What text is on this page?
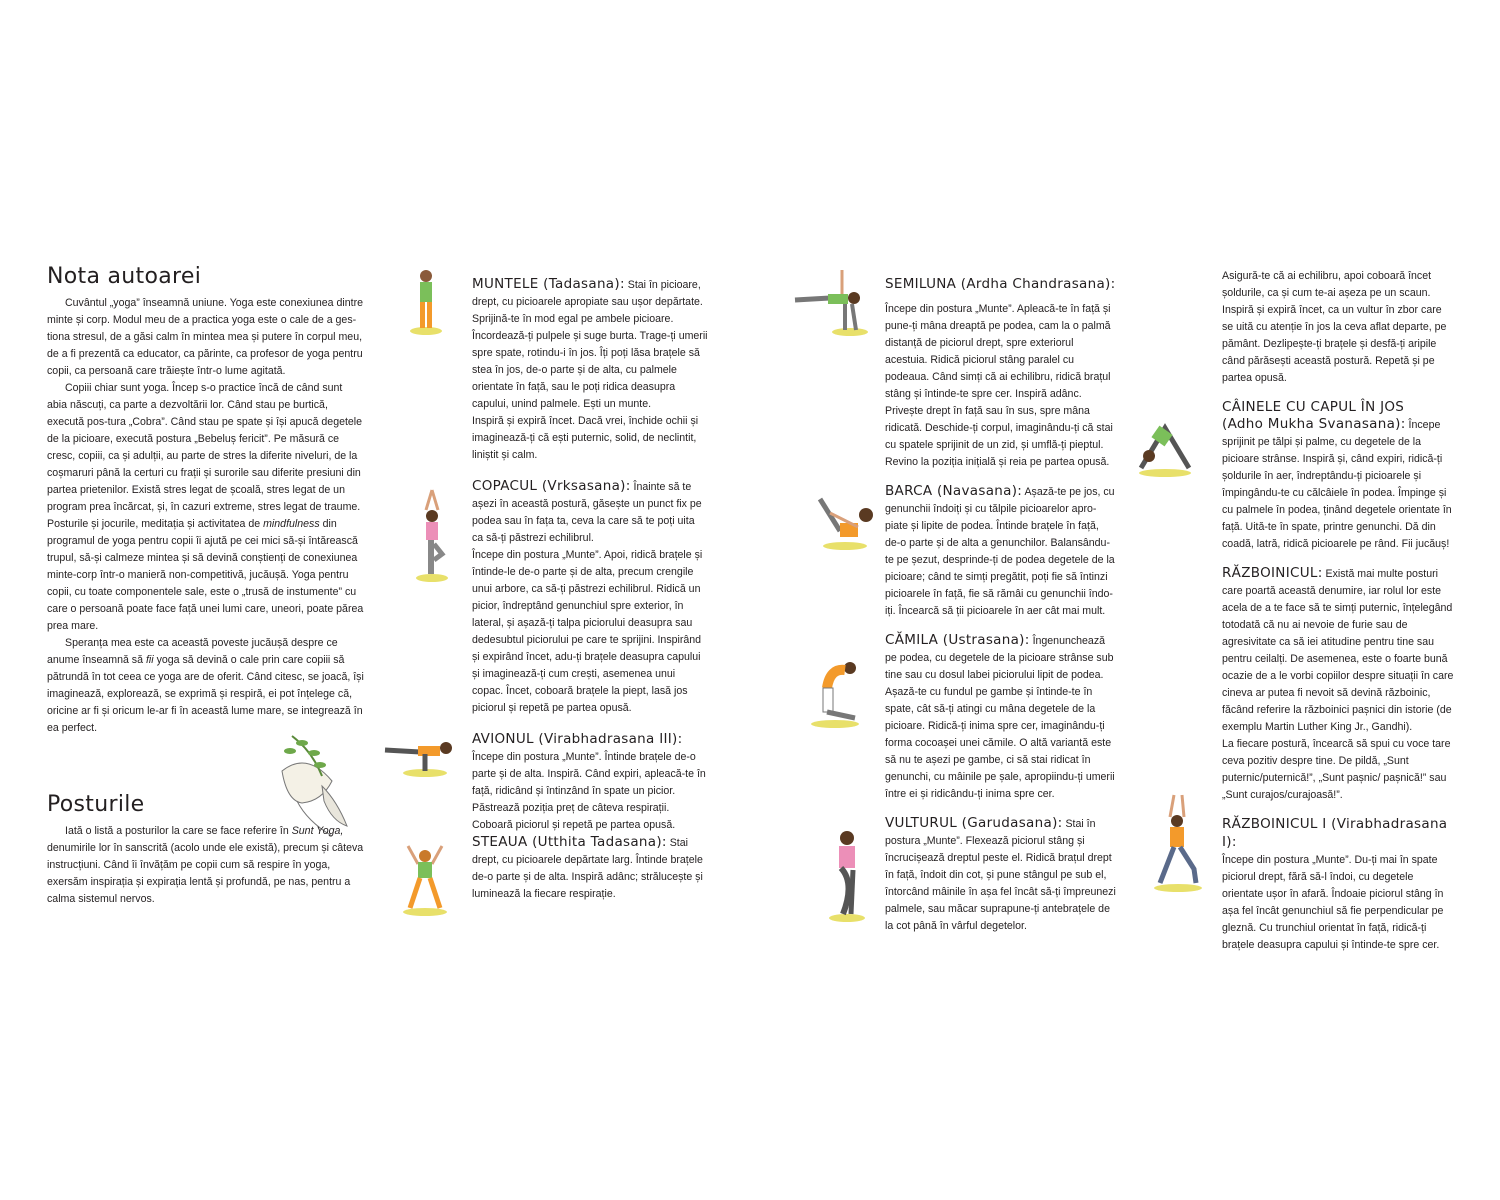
Nota autoarei

Cuvântul „yoga” înseamnă uniune. Yoga este conexiunea dintre minte și corp. Modul meu de a practica yoga este o cale de a ges-tiona stresul, de a găsi calm în mintea mea și putere în corpul meu, de a fi prezentă ca educator, ca părinte, ca profesor de yoga pentru copii, ca persoană care trăiește într-o lume agitată.

Copiii chiar sunt yoga. Încep s-o practice încă de când sunt abia născuți, ca parte a dezvoltării lor. Când stau pe burtică, execută pos-tura „Cobra”. Când stau pe spate și își apucă degetele de la picioare, execută postura „Bebeluș fericit”. Pe măsură ce cresc, copiii, ca și adulții, au parte de stres la diferite niveluri, de la coșmaruri până la certuri cu frații și surorile sau diferite presiuni din partea prietenilor. Există stres legat de școală, stres legat de un program prea încărcat, și, în cazuri extreme, stres legat de traume. Posturile și jocurile, meditația și activitatea de mindfulness din programul de yoga pentru copii îi ajută pe cei mici să-și întărească trupul, să-și calmeze mintea și să devină conștienți de conexiunea minte-corp într-o manieră non-competitivă, jucăușă. Yoga pentru copii, cu toate componentele sale, este o „trusă de instumente” cu care o persoană poate face față unei lumi care, uneori, poate părea prea mare.

Speranța mea este ca această poveste jucăușă despre ce anume înseamnă să fii yoga să devină o cale prin care copiii să pătrundă în tot ceea ce yoga are de oferit. Când citesc, se joacă, își imaginează, explorează, se exprimă și respiră, ei pot înțelege că, oricine ar fi și oricum le-ar fi în această lume mare, se integrează în ea perfect.

Posturile

Iată o listă a posturilor la care se face referire în Sunt Yoga, denumirile lor în sanscrită (acolo unde ele există), precum și câteva instrucțiuni. Când îi învățăm pe copii cum să respire în yoga, exersăm inspirația și expirația lentă și profundă, pe nas, pentru a calma sistemul nervos.

MUNTELE (Tadasana): Stai în picioare, drept, cu picioarele apropiate sau ușor depărtate. Sprijină-te în mod egal pe ambele picioare. Încordează-ți pulpele și suge burta. Trage-ți umerii spre spate, rotindu-i în jos. Îți poți lăsa brațele să stea în jos, de-o parte și de alta, cu palmele orientate în față, sau le poți ridica deasupra capului, unind palmele. Ești un munte.

Inspiră și expiră încet. Dacă vrei, închide ochii și imaginează-ți că ești puternic, solid, de neclintit, liniștit și calm.

COPACUL (Vrksasana): Înainte să te așezi în această postură, găsește un punct fix pe podea sau în fața ta, ceva la care să te poți uita ca să-ți păstrezi echilibrul.

Începe din postura „Munte”. Apoi, ridică brațele și întinde-le de-o parte și de alta, precum crengile unui arbore, ca să-ți păstrezi echilibrul. Ridică un picior, îndreptând genunchiul spre exterior, în lateral, și așază-ți talpa piciorului deasupra sau dedesubtul piciorului pe care te sprijini. Inspirând și expirând încet, adu-ți brațele deasupra capului și imaginează-ți cum crești, asemenea unui copac. Încet, coboară brațele la piept, lasă jos piciorul și repetă pe partea opusă.

AVIONUL (Virabhadrasana III):
Începe din postura „Munte”. Întinde brațele de-o parte și de alta. Inspiră. Când expiri, apleacă-te în față, ridicând și întinzând în spate un picior. Păstrează poziția preț de câteva respirații. Coboară piciorul și repetă pe partea opusă.

STEAUA (Utthita Tadasana): Stai drept, cu picioarele depărtate larg. Întinde brațele de-o parte și de alta. Inspiră adânc; strălucește și luminează la fiecare respirație.

SEMILUNA (Ardha Chandrasana):

Începe din postura „Munte”. Apleacă-te în față și pune-ți mâna dreaptă pe podea, cam la o palmă distanță de piciorul drept, spre exteriorul acestuia. Ridică piciorul stâng paralel cu podeaua. Când simți că ai echilibru, ridică brațul stâng și întinde-te spre cer. Inspiră adânc. Privește drept în față sau în sus, spre mâna ridicată. Deschide-ți corpul, imaginându-ți că stai cu spatele sprijinit de un zid, și umflă-ți pieptul. Revino la poziția inițială și reia pe partea opusă.

BARCA (Navasana): Așază-te pe jos, cu genunchii îndoiți și cu tălpile picioarelor apro-piate și lipite de podea. Întinde brațele în față, de-o parte și de alta a genunchilor. Balansându-te pe șezut, desprinde-ți de podea degetele de la picioare; când te simți pregătit, poți fie să întinzi picioarele în față, fie să rămâi cu genunchii îndo-iți. Încearcă să ții picioarele în aer cât mai mult.

CĂMILA (Ustrasana): Îngenunchează pe podea, cu degetele de la picioare strânse sub tine sau cu dosul labei piciorului lipit de podea. Așază-te cu fundul pe gambe și întinde-te în spate, cât să-ți atingi cu mâna degetele de la picioare. Ridică-ți inima spre cer, imaginându-ți forma cocoașei unei cămile. O altă variantă este să nu te așezi pe gambe, ci să stai ridicat în genunchi, cu mâinile pe șale, apropiindu-ți umerii între ei și ridicându-ți inima spre cer.

VULTURUL (Garudasana): Stai în postura „Munte”. Flexează piciorul stâng și încrucișează dreptul peste el. Ridică brațul drept în față, îndoit din cot, și pune stângul pe sub el, întorcând mâinile în așa fel încât să-ți împreunezi palmele, sau măcar suprapune-ți antebrațele de la cot până în vârful degetelor.

Asigură-te că ai echilibru, apoi coboară încet șoldurile, ca și cum te-ai așeza pe un scaun. Inspiră și expiră încet, ca un vultur în zbor care se uită cu atenție în jos la ceva aflat departe, pe pământ. Dezlipește-ți brațele și desfă-ți aripile când părăsești această postură. Repetă și pe partea opusă.

CÂINELE CU CAPUL ÎN JOS

(Adho Mukha Svanasana): Începe sprijinit pe tălpi și palme, cu degetele de la picioare strânse. Inspiră și, când expiri, ridică-ți șoldurile în aer, îndreptându-ți picioarele și împingându-te cu călcâiele în podea. Împinge și cu palmele în podea, ținând degetele orientate în față. Uită-te în spate, printre genunchi. Dă din coadă, latră, ridică picioarele pe rând. Fii jucăuș!

RĂZBOINICUL: Există mai multe posturi care poartă această denumire, iar rolul lor este acela de a te face să te simți puternic, înțelegând totodată că nu ai nevoie de furie sau de agresivitate ca să iei atitudine pentru tine sau pentru ceilalți. De asemenea, este o foarte bună ocazie de a le vorbi copiilor despre situații în care cineva ar putea fi nevoit să devină războinic, făcând referire la războinici pașnici din istorie (de exemplu Martin Luther King Jr., Gandhi).

La fiecare postură, încearcă să spui cu voce tare ceva pozitiv despre tine. De pildă, „Sunt puternic/puternică!”, „Sunt pașnic/ pașnică!” sau „Sunt curajos/curajoasă!”.

RĂZBOINICUL I (Virabhadrasana I):
Începe din postura „Munte”. Du-ți mai în spate piciorul drept, fără să-l îndoi, cu degetele orientate ușor în afară. Îndoaie piciorul stâng în așa fel încât genunchiul să fie perpendicular pe gleznă. Cu trunchiul orientat în față, ridică-ți brațele deasupra capului și întinde-te spre cer.
